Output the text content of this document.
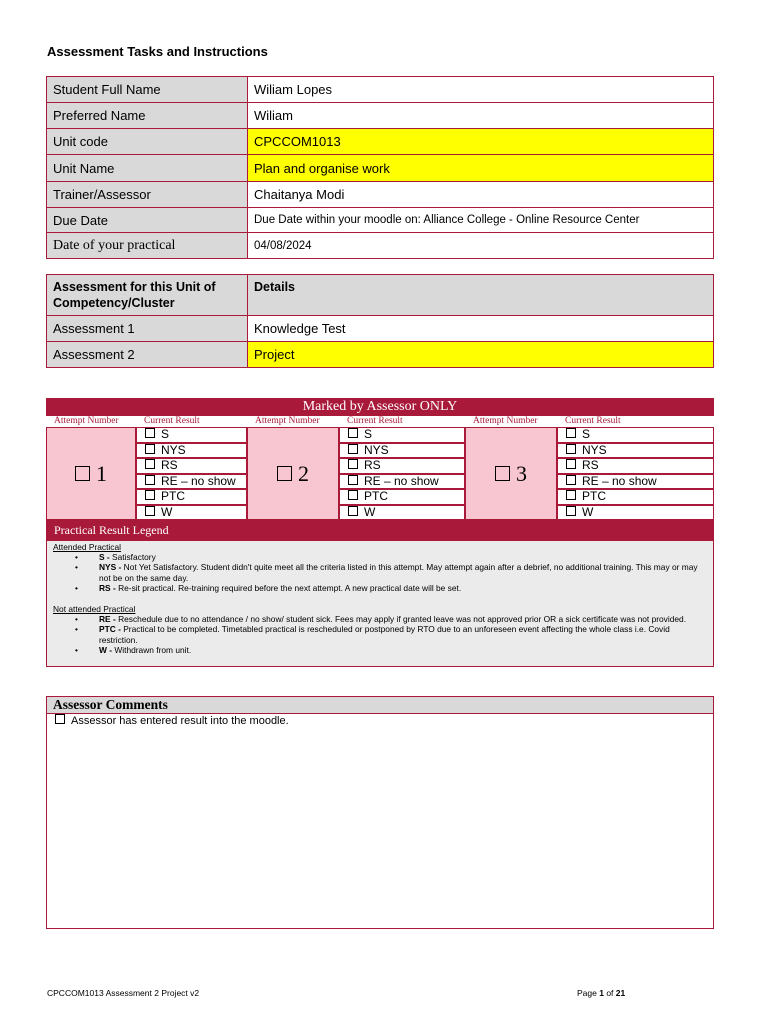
Assessment Tasks and Instructions
Student Full Name	Wiliam Lopes
Preferred Name	Wiliam
Unit code	CPCCOM1013
Unit Name	Plan and organise work
Trainer/Assessor	Chaitanya Modi
Due Date	Due Date within your moodle on: Alliance College - Online Resource Center
Date of your practical	04/08/2024
Assessment for this Unit of Competency/Cluster	Details
Assessment 1	Knowledge Test
Assessment 2	Project
Marked by Assessor ONLY
Attempt Number	Current Result
1
S
NYS
RS
RE – no show
PTC
W
Attempt Number	Current Result
2
S
NYS
RS
RE – no show
PTC
W
Attempt Number	Current Result
3
S
NYS
RS
RE – no show
PTC
W
Practical Result Legend
Attended Practical
• S - Satisfactory
• NYS - Not Yet Satisfactory. Student didn't quite meet all the criteria listed in this attempt. May attempt again after a debrief, no additional training. This may or may not be on the same day.
• RS - Re-sit practical. Re-training required before the next attempt. A new practical date will be set.
Not attended Practical
• RE - Reschedule due to no attendance / no show/ student sick. Fees may apply if granted leave was not approved prior OR a sick certificate was not provided.
• PTC - Practical to be completed. Timetabled practical is rescheduled or postponed by RTO due to an unforeseen event affecting the whole class i.e. Covid restriction.
• W - Withdrawn from unit.
Assessor Comments
Assessor has entered result into the moodle.
CPCCOM1013 Assessment 2 Project v2	Page 1 of 21
